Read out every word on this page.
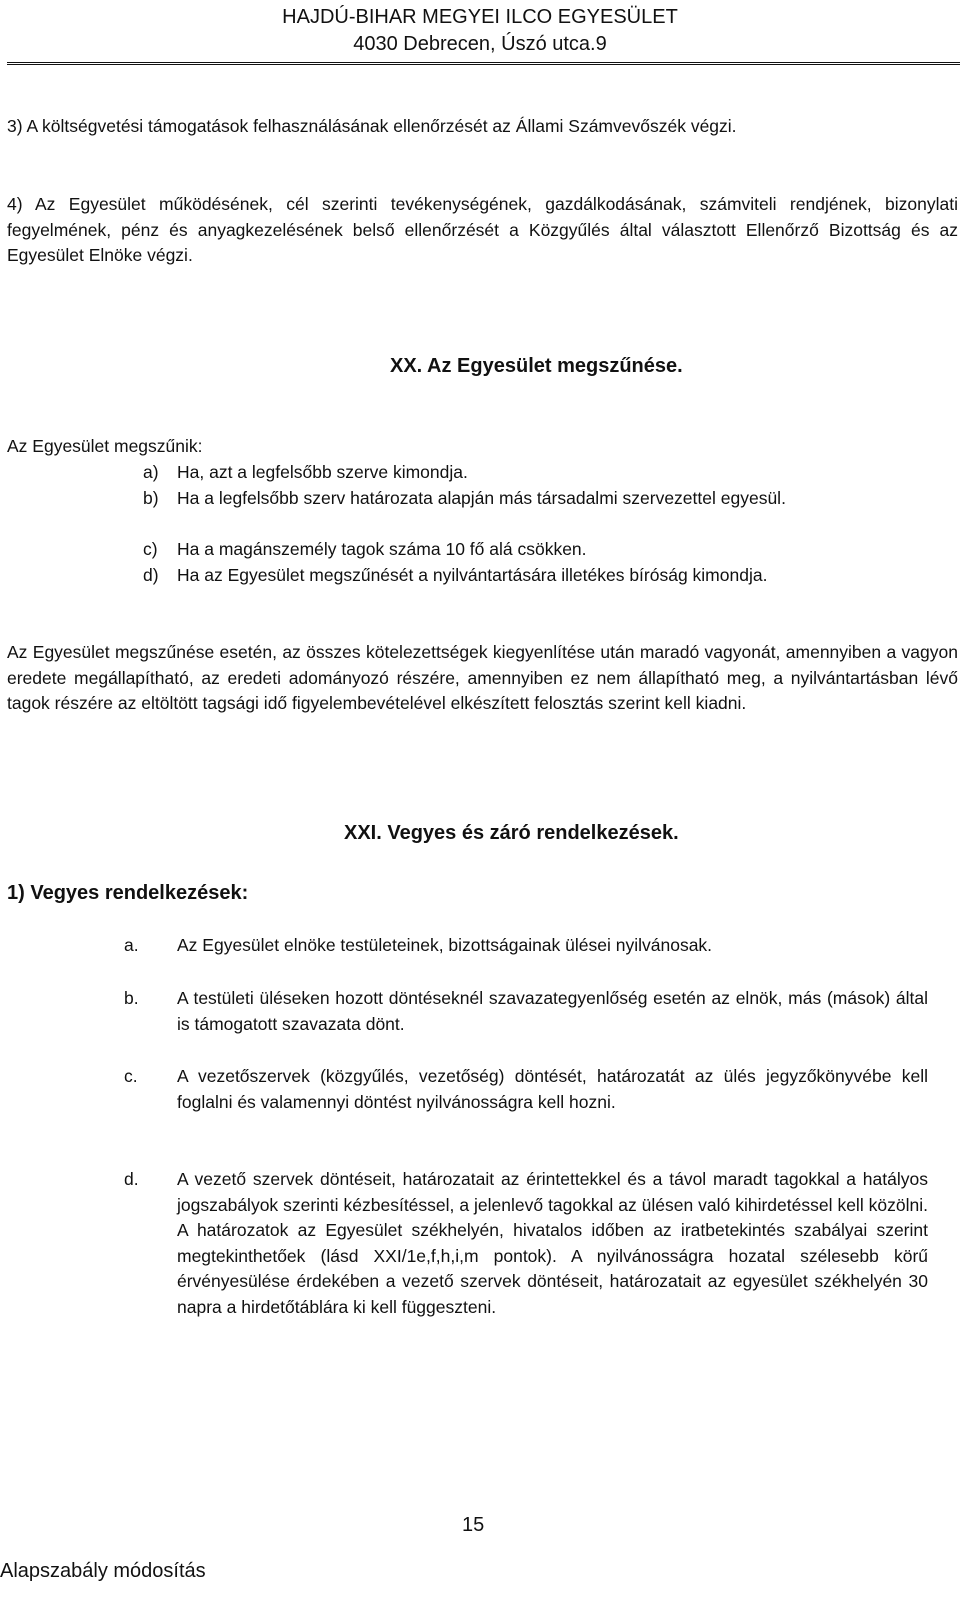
HAJDÚ-BIHAR MEGYEI ILCO EGYESÜLET
4030 Debrecen, Úszó utca.9
3) A költségvetési támogatások felhasználásának ellenőrzését az Állami Számvevőszék végzi.
4) Az Egyesület működésének, cél szerinti tevékenységének, gazdálkodásának, számviteli rendjének, bizonylati fegyelmének, pénz és anyagkezelésének belső ellenőrzését a Közgyűlés által választott Ellenőrző Bizottság és az Egyesület Elnöke végzi.
XX. Az Egyesület megszűnése.
Az Egyesület megszűnik:
a)	Ha, azt a legfelsőbb szerve kimondja.
b)	Ha a legfelsőbb szerv határozata alapján más társadalmi szervezettel egyesül.
c)	Ha a magánszemély tagok száma 10 fő alá csökken.
d)	Ha az Egyesület megszűnését a nyilvántartására illetékes bíróság kimondja.
Az Egyesület megszűnése esetén, az összes kötelezettségek kiegyenlítése után maradó vagyonát, amennyiben a vagyon eredete megállapítható, az eredeti adományozó részére, amennyiben ez nem állapítható meg, a nyilvántartásban lévő tagok részére az eltöltött tagsági idő figyelembevételével elkészített felosztás szerint kell kiadni.
XXI. Vegyes és záró rendelkezések.
1) Vegyes rendelkezések:
a.	Az Egyesület elnöke testületeinek, bizottságainak ülései nyilvánosak.
b.	A testületi üléseken hozott döntéseknél szavazategyenlőség esetén az elnök, más (mások) által is támogatott szavazata dönt.
c.	A vezetőszervek (közgyűlés, vezetőség) döntését, határozatát az ülés jegyzőkönyvébe kell foglalni és valamennyi döntést nyilvánosságra kell hozni.
d.	A vezető szervek döntéseit, határozatait az érintettekkel és a távol maradt tagokkal a hatályos jogszabályok szerinti kézbesítéssel, a jelenlevő tagokkal az ülésen való kihirdetéssel kell közölni. A határozatok az Egyesület székhelyén, hivatalos időben az iratbetekintés szabályai szerint megtekinthetőek (lásd XXI/1e,f,h,i,m pontok). A nyilvánosságra hozatal szélesebb körű érvényesülése érdekében a vezető szervek döntéseit, határozatait az egyesület székhelyén 30 napra a hirdetőtáblára ki kell függeszteni.
15
Alapszabály módosítás
